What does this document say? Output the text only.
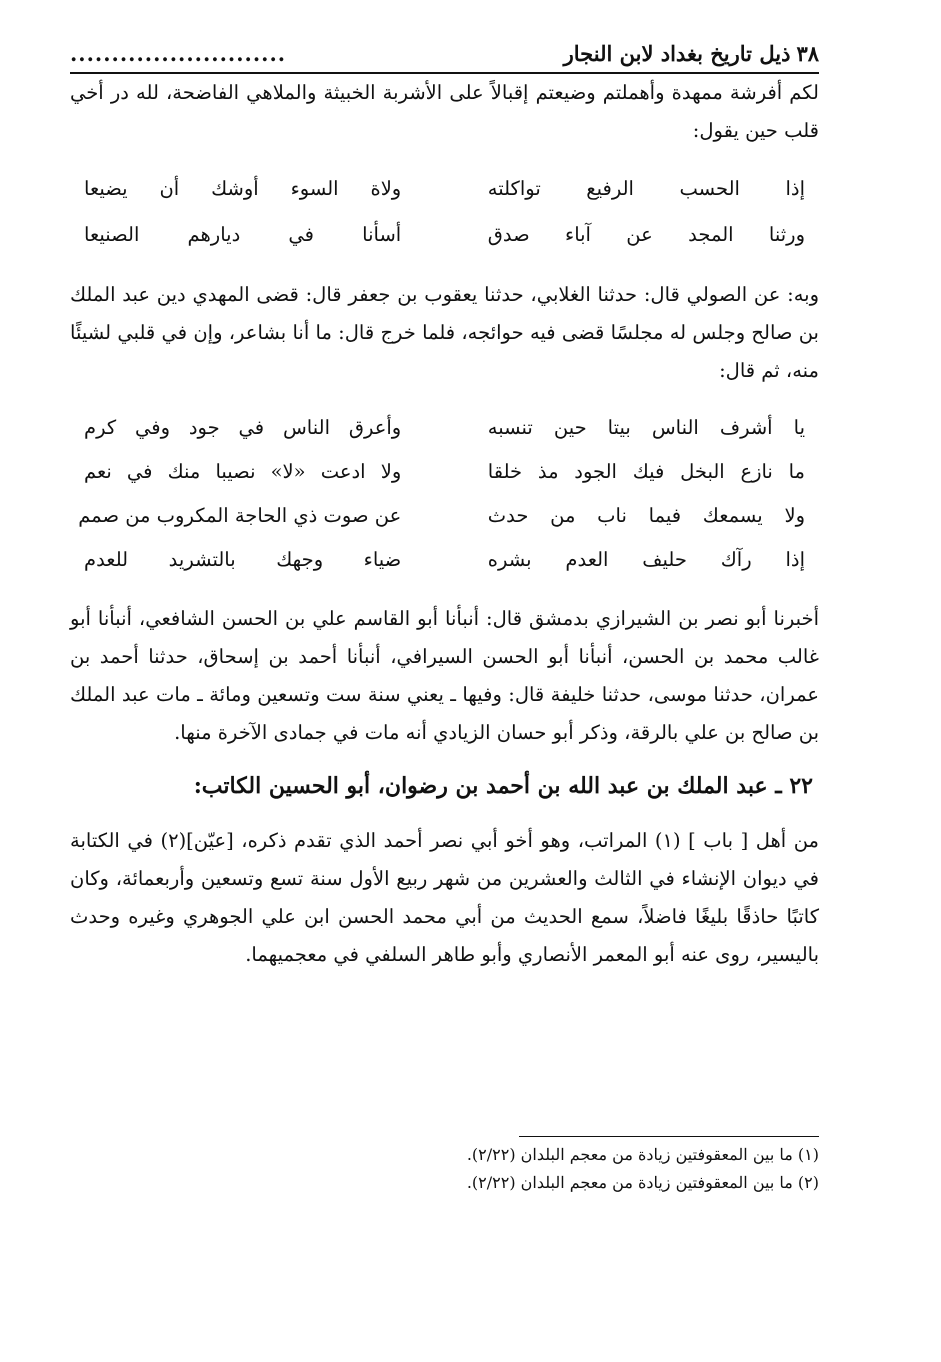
٣٨
ذيل تاريخ بغداد لابن النجار
..........................

لكم أفرشة ممهدة وأهملتم وضيعتم إقبالاً على الأشربة الخبيثة والملاهي الفاضحة، لله در أخي قلب حين يقول:

إذا الحسب الرفيع تواكلته
ولاة السوء أوشك أن يضيعا
ورثنا المجد عن آباء صدق
أسأنا في ديارهم الصنيعا

وبه: عن الصولي قال: حدثنا الغلابي، حدثنا يعقوب بن جعفر قال: قضى المهدي دين عبد الملك بن صالح وجلس له مجلسًا قضى فيه حوائجه، فلما خرج قال: ما أنا بشاعر، وإن في قلبي لشيئًا منه، ثم قال:

يا أشرف الناس بيتا حين تنسبه
وأعرق الناس في جود وفي كرم
ما نازع البخل فيك الجود مذ خلقا
ولا ادعت «لا» نصيبا منك في نعم
ولا يسمعك فيما ناب من حدث
عن صوت ذي الحاجة المكروب من صمم
إذا رآك حليف العدم بشره
ضياء وجهك بالتشريد للعدم

أخبرنا أبو نصر بن الشيرازي بدمشق قال: أنبأنا أبو القاسم علي بن الحسن الشافعي، أنبأنا أبو غالب محمد بن الحسن، أنبأنا أبو الحسن السيرافي، أنبأنا أحمد بن إسحاق، حدثنا أحمد بن عمران، حدثنا موسى، حدثنا خليفة قال: وفيها ـ يعني سنة ست وتسعين ومائة ـ مات عبد الملك بن صالح بن علي بالرقة، وذكر أبو حسان الزيادي أنه مات في جمادى الآخرة منها.

٢٢ ـ عبد الملك بن عبد الله بن أحمد بن رضوان، أبو الحسين الكاتب:

من أهل [ باب ] (١) المراتب، وهو أخو أبي نصر أحمد الذي تقدم ذكره، [عيّن](٢) في الكتابة في ديوان الإنشاء في الثالث والعشرين من شهر ربيع الأول سنة تسع وتسعين وأربعمائة، وكان كاتبًا حاذقًا بليغًا فاضلاً، سمع الحديث من أبي محمد الحسن ابن علي الجوهري وغيره وحدث باليسير، روى عنه أبو المعمر الأنصاري وأبو طاهر السلفي في معجميهما.

(١) ما بين المعقوفتين زيادة من معجم البلدان (٢/٢٢).

(٢) ما بين المعقوفتين زيادة من معجم البلدان (٢/٢٢).
